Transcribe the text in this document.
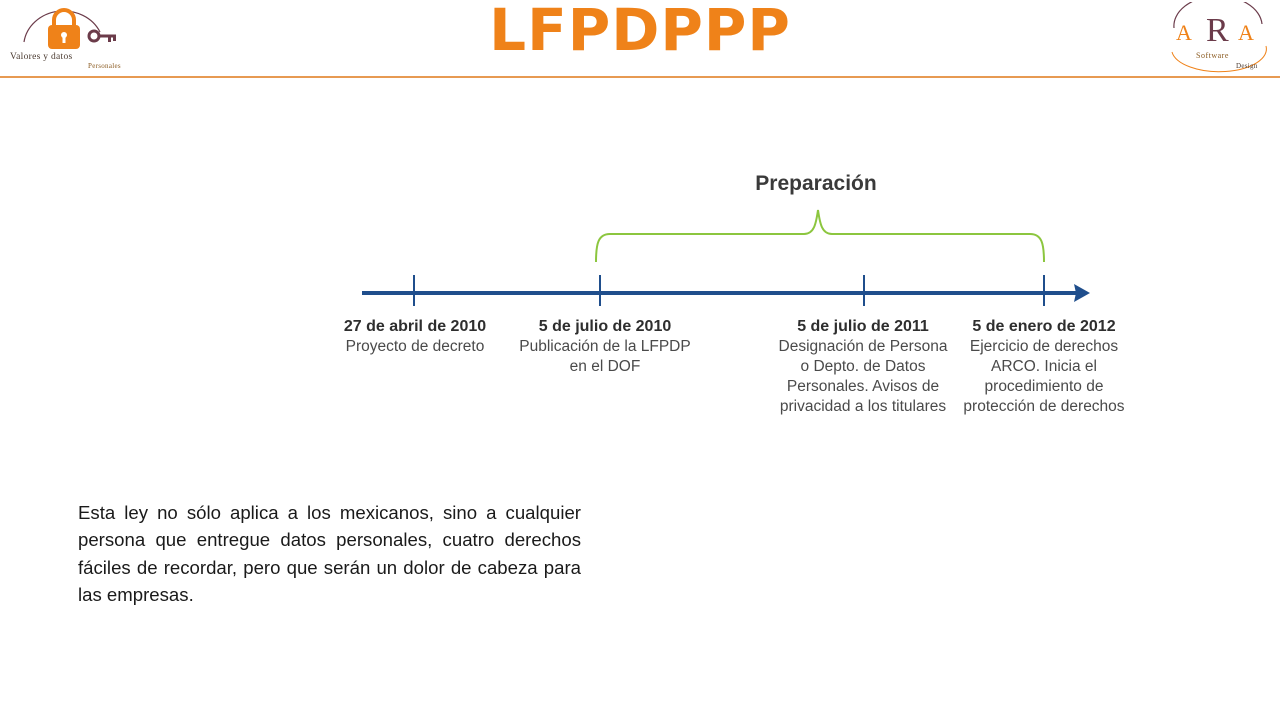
Valores y datos
Personales
LFPDPPP	A R A
Software
Design
Preparación
27 de abril de 2010
Proyecto de decreto
5 de julio de 2010
Publicación de la LFPDP
en el DOF
5 de julio de 2011
Designación de Persona
o Depto. de Datos
Personales. Avisos de
privacidad a los titulares
5 de enero de 2012
Ejercicio de derechos
ARCO. Inicia el
procedimiento de
protección de derechos

Esta ley no sólo aplica a los mexicanos, sino a cualquier persona que entregue datos personales, cuatro derechos fáciles de recordar, pero que serán un dolor de cabeza para las empresas.
